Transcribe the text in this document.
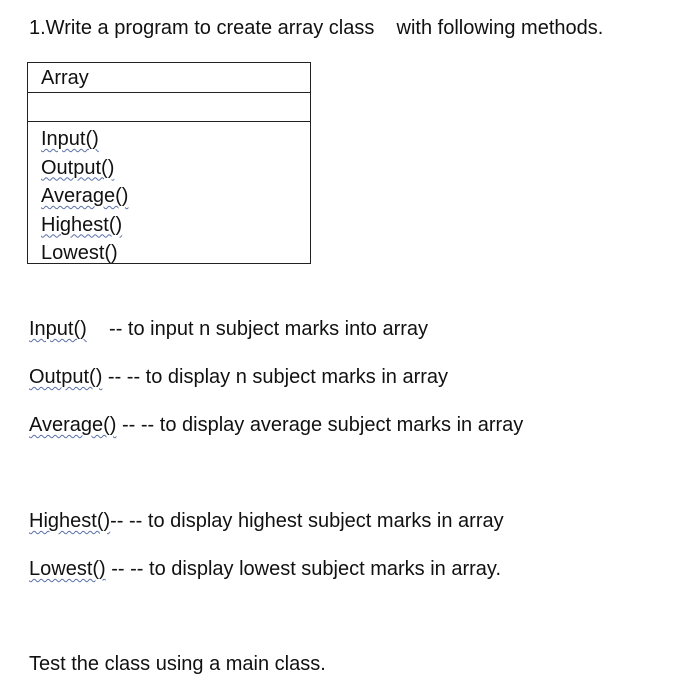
1.Write a program to create array class    with following methods.
Array
Input()
Output()
Average()
Highest()
Lowest()
Input()    -- to input n subject marks into array
Output() -- -- to display n subject marks in array
Average() -- -- to display average subject marks in array
Highest()-- -- to display highest subject marks in array
Lowest() -- -- to display lowest subject marks in array.
Test the class using a main class.
